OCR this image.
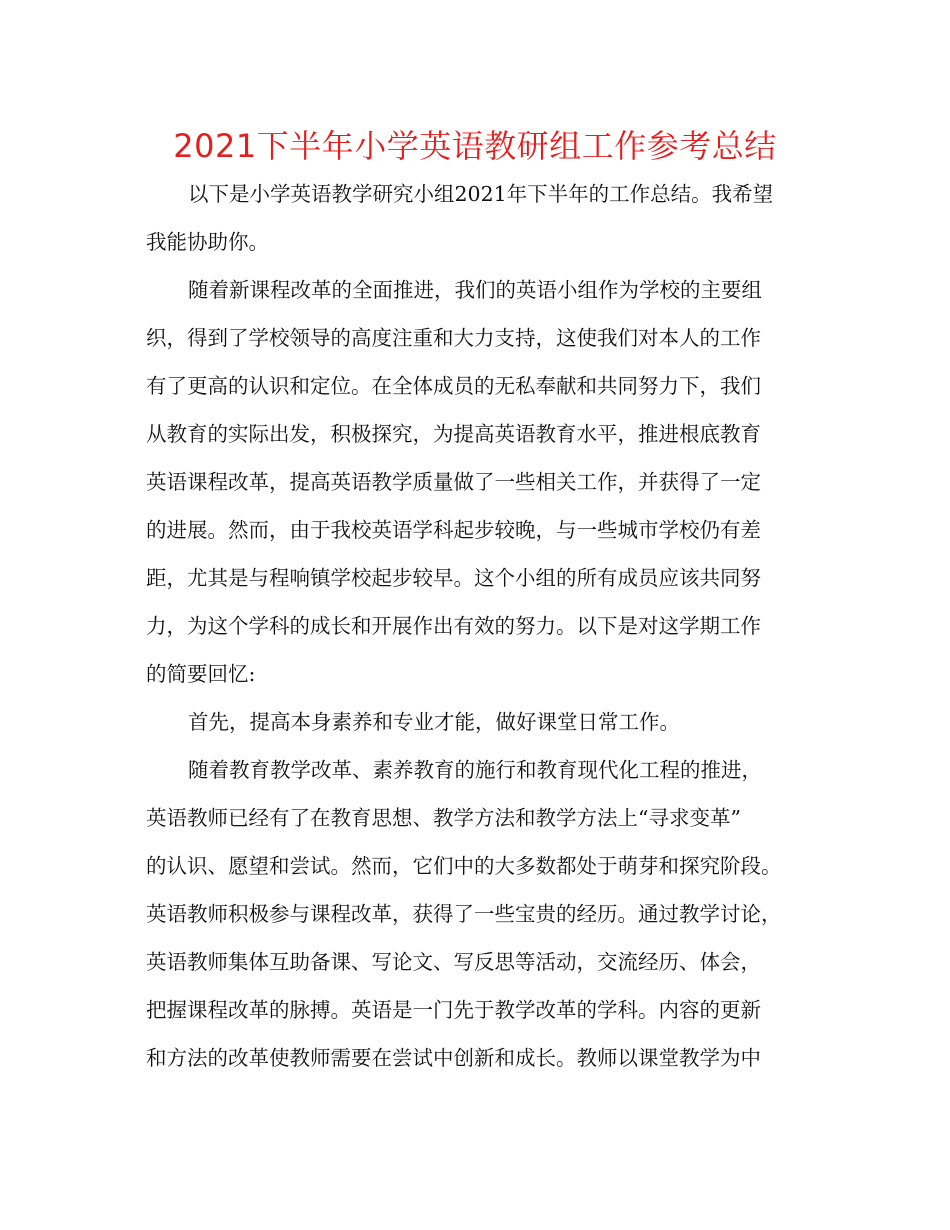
2021下半年小学英语教研组工作参考总结
以下是小学英语教学研究小组2021年下半年的工作总结。我希望
我能协助你。
随着新课程改革的全面推进，我们的英语小组作为学校的主要组
织，得到了学校领导的高度注重和大力支持，这使我们对本人的工作
有了更高的认识和定位。在全体成员的无私奉献和共同努力下，我们
从教育的实际出发，积极探究，为提高英语教育水平，推进根底教育
英语课程改革，提高英语教学质量做了一些相关工作，并获得了一定
的进展。然而，由于我校英语学科起步较晚，与一些城市学校仍有差
距，尤其是与程响镇学校起步较早。这个小组的所有成员应该共同努
力，为这个学科的成长和开展作出有效的努力。以下是对这学期工作
的简要回忆:
首先，提高本身素养和专业才能，做好课堂日常工作。
随着教育教学改革、素养教育的施行和教育现代化工程的推进，
英语教师已经有了在教育思想、教学方法和教学方法上“寻求变革”
的认识、愿望和尝试。然而，它们中的大多数都处于萌芽和探究阶段。
英语教师积极参与课程改革，获得了一些宝贵的经历。通过教学讨论，
英语教师集体互助备课、写论文、写反思等活动，交流经历、体会，
把握课程改革的脉搏。英语是一门先于教学改革的学科。内容的更新
和方法的改革使教师需要在尝试中创新和成长。教师以课堂教学为中
